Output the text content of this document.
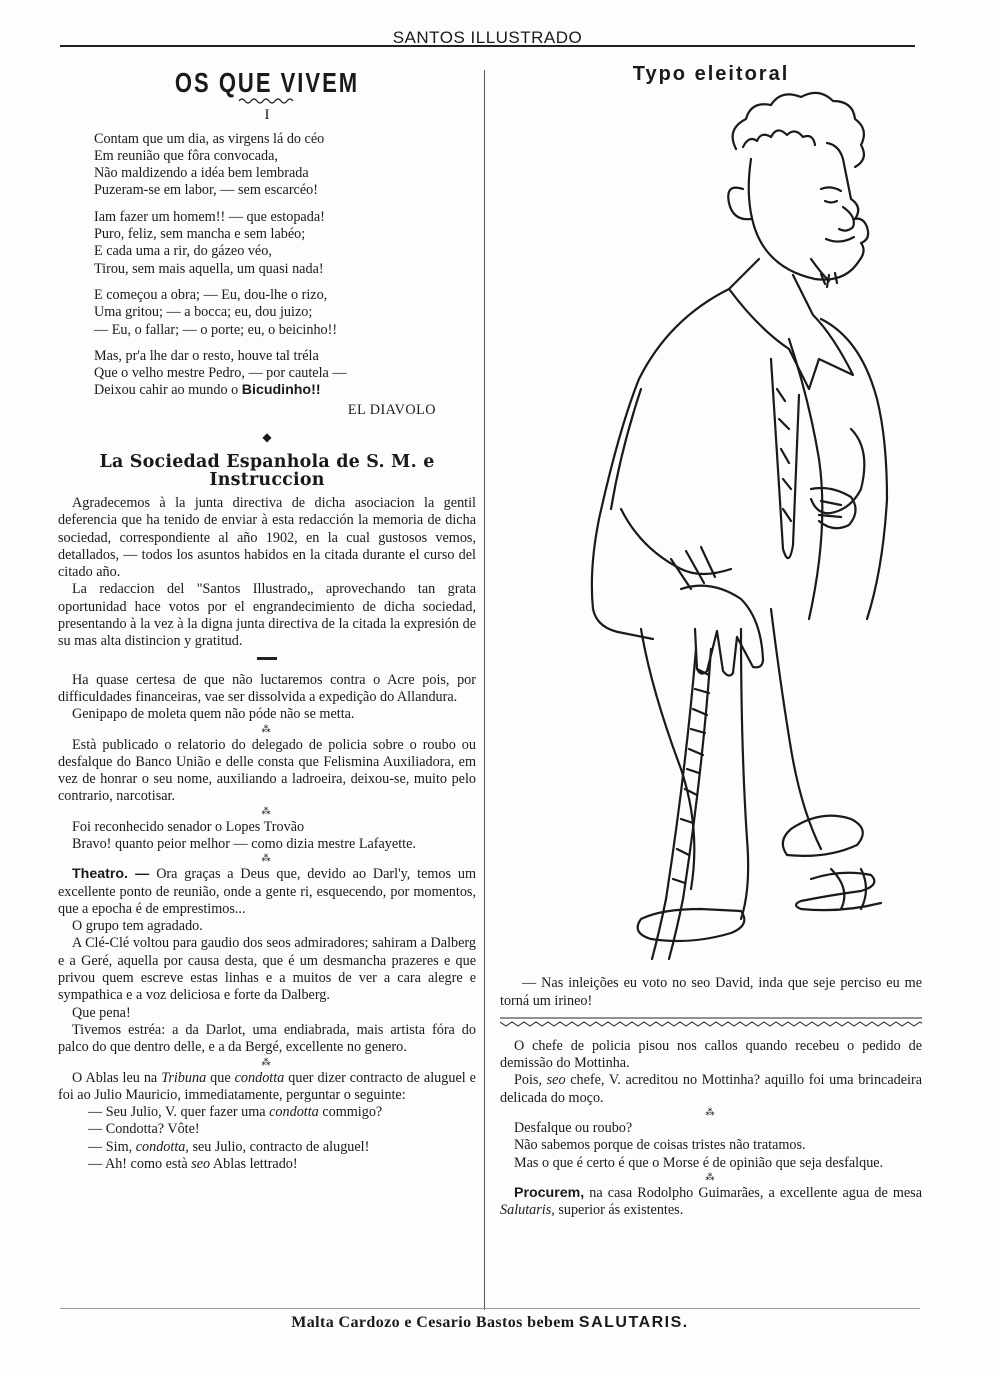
SANTOS ILLUSTRADO
OS QUE VIVEM
I
Contam que um dia, as virgens lá do céo
Em reunião que fôra convocada,
Não maldizendo a idéa bem lembrada
Puzeram-se em labor, — sem escarcéo!
Iam fazer um homem!! — que estopada!
Puro, feliz, sem mancha e sem labéo;
E cada uma a rir, do gázeo véo,
Tirou, sem mais aquella, um quasi nada!
E começou a obra; — Eu, dou-lhe o rizo,
Uma gritou; — a bocca; eu, dou juizo;
— Eu, o fallar; — o porte; eu, o beicinho!!
Mas, pr'a lhe dar o resto, houve tal tréla
Que o velho mestre Pedro, — por cautela —
Deixou cahir ao mundo o Bicudinho!!
EL DIAVOLO
◆
La Sociedad Espanhola de S. M. e Instruccion

Agradecemos à la junta directiva de dicha asociacion la gentil deferencia que ha tenido de enviar à esta redacción la memoria de dicha sociedad, correspondiente al año 1902, en la cual gustosos vemos, detallados, — todos los asuntos habidos en la citada durante el curso del citado año.

La redaccion del "Santos Illustrado„ aprovechando tan grata oportunidad hace votos por el engrandecimiento de dicha sociedad, presentando à la vez à la digna junta directiva de la citada la expresión de su mas alta distincion y gratitud.

Ha quase certesa de que não luctaremos contra o Acre pois, por difficuldades financeiras, vae ser dissolvida a expedição do Allandura.

Genipapo de moleta quem não póde não se metta.

⁂

Està publicado o relatorio do delegado de policia sobre o roubo ou desfalque do Banco União e delle consta que Felismina Auxiliadora, em vez de honrar o seu nome, auxiliando a ladroeira, deixou-se, muito pelo contrario, narcotisar.

⁂

Foi reconhecido senador o Lopes Trovão

Bravo! quanto peior melhor — como dizia mestre Lafayette.

⁂

Theatro. — Ora graças a Deus que, devido ao Darl'y, temos um excellente ponto de reunião, onde a gente ri, esquecendo, por momentos, que a epocha é de emprestimos...

O grupo tem agradado.

A Clé-Clé voltou para gaudio dos seos admiradores; sahiram a Dalberg e a Geré, aquella por causa desta, que é um desmancha prazeres e que privou quem escreve estas linhas e a muitos de ver a cara alegre e sympathica e a voz deliciosa e forte da Dalberg.

Que pena!

Tivemos estréa: a da Darlot, uma endiabrada, mais artista fóra do palco do que dentro delle, e a da Bergé, excellente no genero.

⁂

O Ablas leu na Tribuna que condotta quer dizer contracto de aluguel e foi ao Julio Mauricio, immediatamente, perguntar o seguinte:

— Seu Julio, V. quer fazer uma condotta commigo?
— Condotta? Vôte!
— Sim, condotta, seu Julio, contracto de aluguel!
— Ah! como està seo Ablas lettrado!
Typo eleitoral

— Nas inleições eu voto no seo David, inda que seje perciso eu me torná um irineo!

O chefe de policia pisou nos callos quando recebeu o pedido de demissão do Mottinha.

Pois, seo chefe, V. acreditou no Mottinha? aquillo foi uma brincadeira delicada do moço.

⁂

Desfalque ou roubo?

Não sabemos porque de coisas tristes não tratamos.

Mas o que é certo é que o Morse é de opinião que seja desfalque.

⁂

Procurem, na casa Rodolpho Guimarães, a excellente agua de mesa Salutaris, superior ás existentes.

Malta Cardozo e Cesario Bastos bebem SALUTARIS.
